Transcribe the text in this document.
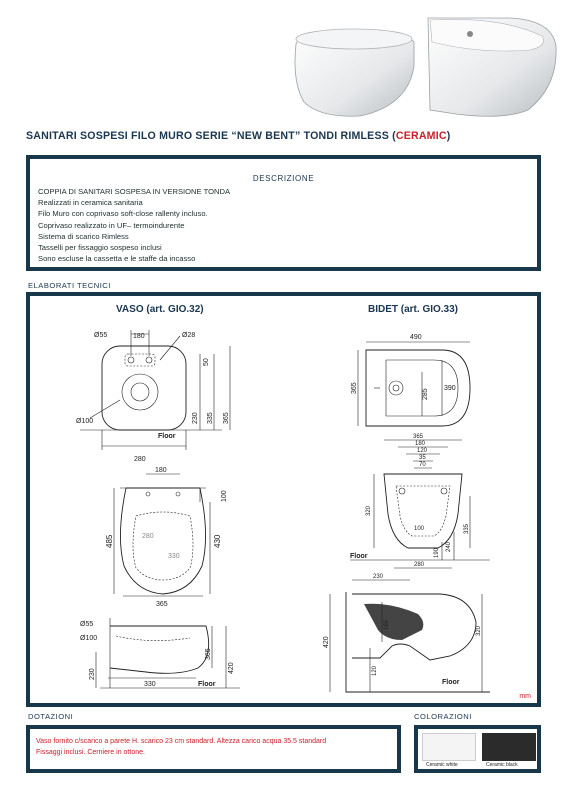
SANITARI SOSPESI FILO MURO SERIE “NEW BENT” TONDI RIMLESS (CERAMIC)
DESCRIZIONE
COPPIA DI SANITARI SOSPESA IN VERSIONE TONDA
Realizzati in ceramica sanitaria
Filo Muro con coprivaso soft-close rallenty incluso.
Coprivaso realizzato in UF– termoindurente
Sistema di scarico Rimless
Tasselli per fissaggio sospeso inclusi
Sono escluse la cassetta e le staffe da incasso
ELABORATI TECNICI
VASO (art. GIO.32)	BIDET (art. GIO.33)
Ø55	180	Ø28
Ø100
280
50
230 335 365
Floor
180
100
485	430
280
330
365
Ø55
Ø100
365
420
230
330	Floor
490
365	390
285
365
180
120
35
70
320
100
240
335
190
280
Floor
230
165
120
420
320
Floor
mm
DOTAZIONI

Vaso fornito c/scarico a parete H. scarico 23 cm standard. Altezza carico acqua 35.5 standard

Fissaggi inclusi. Cerniere in ottone.

COLORAZIONI
Ceramic white	Ceramic black
